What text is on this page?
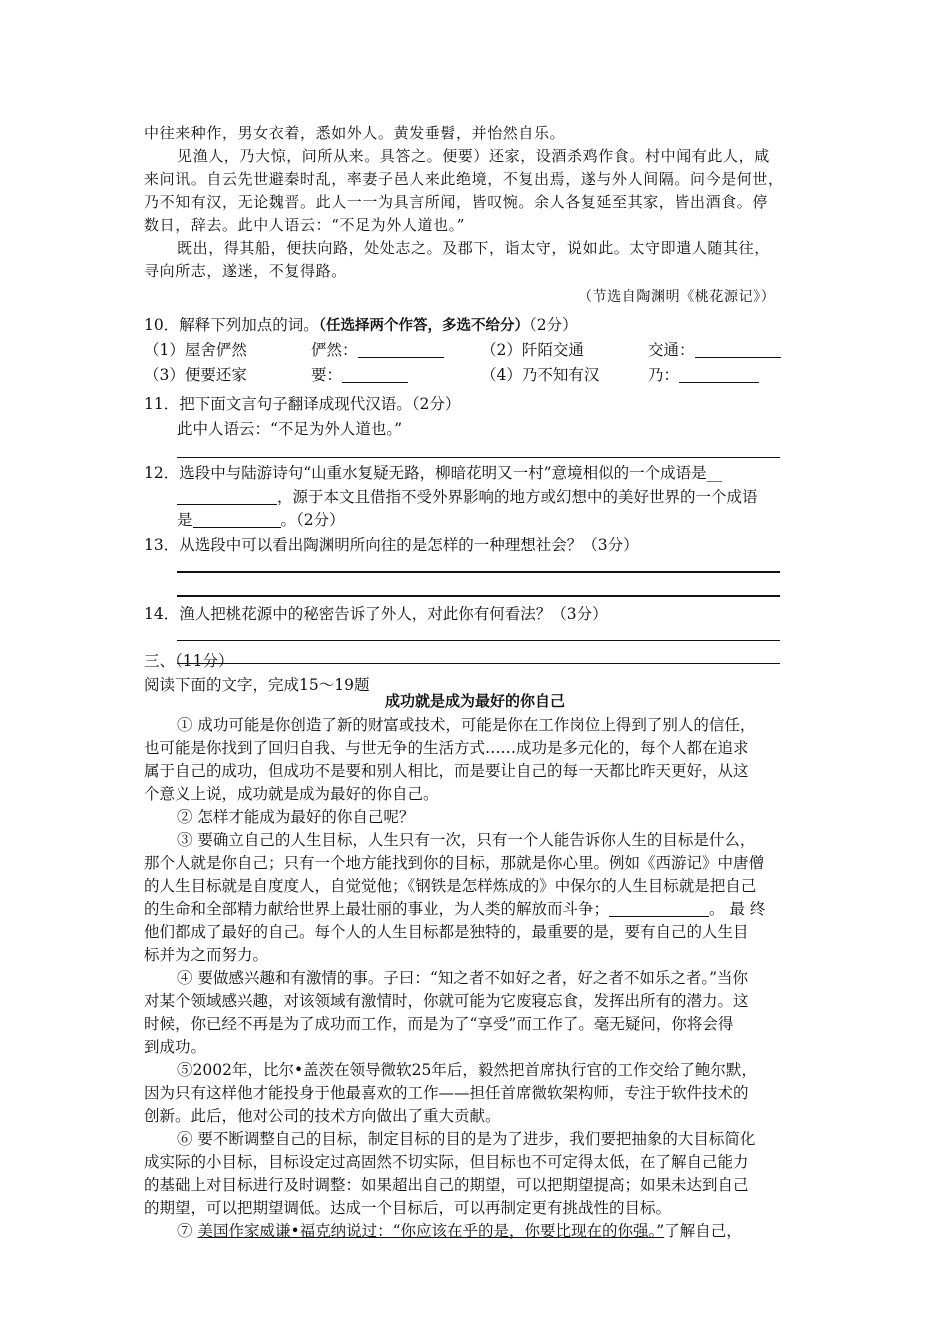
中往来种作，男女衣着，悉如外人。黄发垂髫，并怡然自乐。
见渔人，乃大惊，问所从来。具答之。便要）还家，设酒杀鸡作食。村中闻有此人，咸
来问讯。自云先世避秦时乱，率妻子邑人来此绝境，不复出焉，遂与外人间隔。问今是何世，
乃不知有汉，无论魏晋。此人一一为具言所闻，皆叹惋。余人各复延至其家，皆出酒食。停
数日，辞去。此中人语云：“不足为外人道也。”
既出，得其船，便扶向路，处处志之。及郡下，诣太守，说如此。太守即遣人随其往，
寻向所志，遂迷，不复得路。
（节选自陶渊明《桃花源记》）
10．解释下列加点的词。（任选择两个作答，多选不给分）（2分）
（1）屋舍俨然	俨然：	（2）阡陌交通	交通：
（3）便要还家	要：	（4）乃不知有汉	乃：
11．把下面文言句子翻译成现代汉语。（2分）
此中人语云：“不足为外人道也。”
12．选段中与陆游诗句“山重水复疑无路，柳暗花明又一村”意境相似的一个成语是__
，源于本文且借指不受外界影响的地方或幻想中的美好世界的一个成语
是	。（2分）
13．从选段中可以看出陶渊明所向往的是怎样的一种理想社会？（3分）
14．渔人把桃花源中的秘密告诉了外人，对此你有何看法？（3分）
三、（11分）
阅读下面的文字，完成15～19题
成功就是成为最好的你自己
① 成功可能是你创造了新的财富或技术，可能是你在工作岗位上得到了别人的信任，
也可能是你找到了回归自我、与世无争的生活方式……成功是多元化的，每个人都在追求
属于自己的成功，但成功不是要和别人相比，而是要让自己的每一天都比昨天更好，从这
个意义上说，成功就是成为最好的你自己。
② 怎样才能成为最好的你自己呢？
③ 要确立自己的人生目标，人生只有一次，只有一个人能告诉你人生的目标是什么，
那个人就是你自己；只有一个地方能找到你的目标，那就是你心里。例如《西游记》中唐僧
的人生目标就是自度度人，自觉觉他；《钢铁是怎样炼成的》中保尔的人生目标就是把自己
的生命和全部精力献给世界上最壮丽的事业，为人类的解放而斗争；	。 最 终
他们都成了最好的自己。每个人的人生目标都是独特的，最重要的是，要有自己的人生目
标并为之而努力。
④ 要做感兴趣和有激情的事。子曰：“知之者不如好之者，好之者不如乐之者。”当你
对某个领域感兴趣，对该领域有激情时，你就可能为它废寝忘食，发挥出所有的潜力。这
时候，你已经不再是为了成功而工作，而是为了“享受”而工作了。毫无疑问，你将会得
到成功。
⑤2002年，比尔•盖茨在领导微软25年后，毅然把首席执行官的工作交给了鲍尔默，
因为只有这样他才能投身于他最喜欢的工作——担任首席微软架构师，专注于软件技术的
创新。此后，他对公司的技术方向做出了重大贡献。
⑥ 要不断调整自己的目标，制定目标的目的是为了进步，我们要把抽象的大目标简化
成实际的小目标，目标设定过高固然不切实际，但目标也不可定得太低，在了解自己能力
的基础上对目标进行及时调整：如果超出自己的期望，可以把期望提高；如果未达到自己
的期望，可以把期望调低。达成一个目标后，可以再制定更有挑战性的目标。
⑦ 美国作家威谦•福克纳说过：“你应该在乎的是，你要比现在的你强。”了解自己，
